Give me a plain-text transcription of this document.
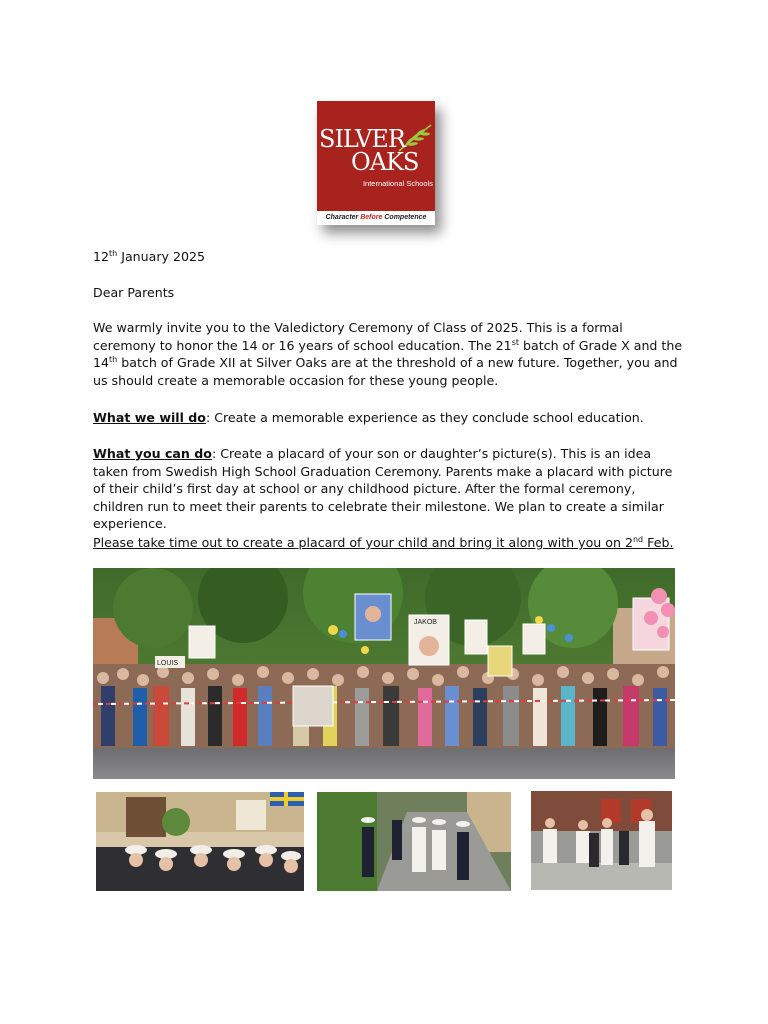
SILVER
OAKS
International Schools
Character Before Competence
12th January 2025
Dear Parents
We warmly invite you to the Valedictory Ceremony of Class of 2025. This is a formal ceremony to honor the 14 or 16 years of school education. The 21st batch of Grade X and the 14th batch of Grade XII at Silver Oaks are at the threshold of a new future. Together, you and us should create a memorable occasion for these young people.
What we will do: Create a memorable experience as they conclude school education.
What you can do: Create a placard of your son or daughter’s picture(s). This is an idea taken from Swedish High School Graduation Ceremony. Parents make a placard with picture of their child’s first day at school or any childhood picture. After the formal ceremony, children run to meet their parents to celebrate their milestone. We plan to create a similar experience.
Please take time out to create a placard of your child and bring it along with you on 2nd Feb.
LOUIS
JAKOB
